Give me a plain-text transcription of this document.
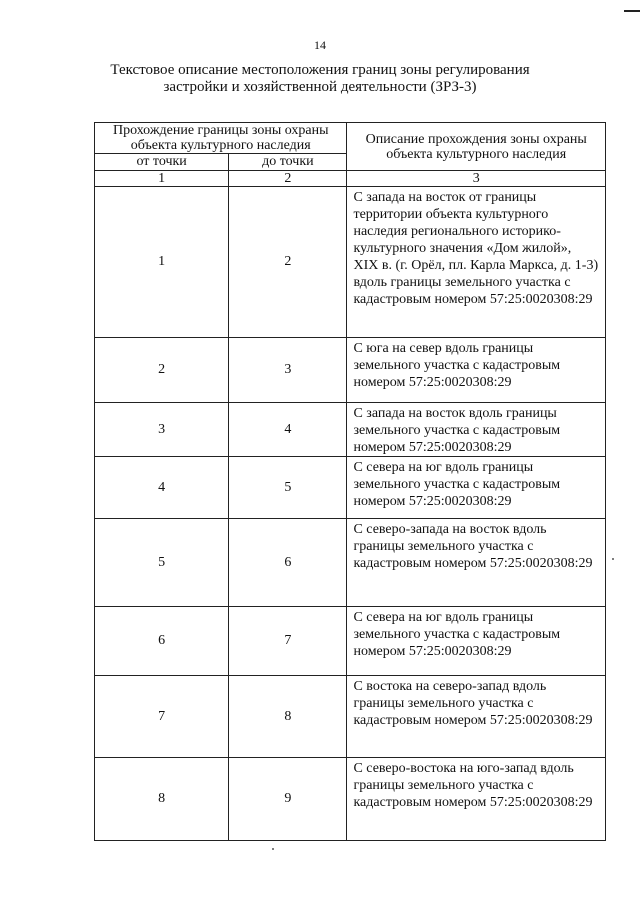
14
Текстовое описание местоположения границ зоны регулирования застройки и хозяйственной деятельности (ЗРЗ-3)
Прохождение границы зоны охраны объекта культурного наследия		Описание прохождения зоны охраны объекта культурного наследия
от точки	до точки	
1	2	3
1	2	С запада на восток от границы территории объекта культурного наследия регионального историко-культурного значения «Дом жилой», XIX в. (г. Орёл, пл. Карла Маркса, д. 1-3) вдоль границы земельного участка с кадастровым номером 57:25:0020308:29
2	3	С юга на север вдоль границы земельного участка с кадастровым номером 57:25:0020308:29
3	4	С запада на восток вдоль границы земельного участка с кадастровым номером 57:25:0020308:29
4	5	С севера на юг вдоль границы земельного участка с кадастровым номером 57:25:0020308:29
5	6	С северо-запада на восток вдоль границы земельного участка с кадастровым номером 57:25:0020308:29
6	7	С севера на юг вдоль границы земельного участка с кадастровым номером 57:25:0020308:29
7	8	С востока на северо-запад вдоль границы земельного участка с кадастровым номером 57:25:0020308:29
8	9	С северо-востока на юго-запад вдоль границы земельного участка с кадастровым номером 57:25:0020308:29
